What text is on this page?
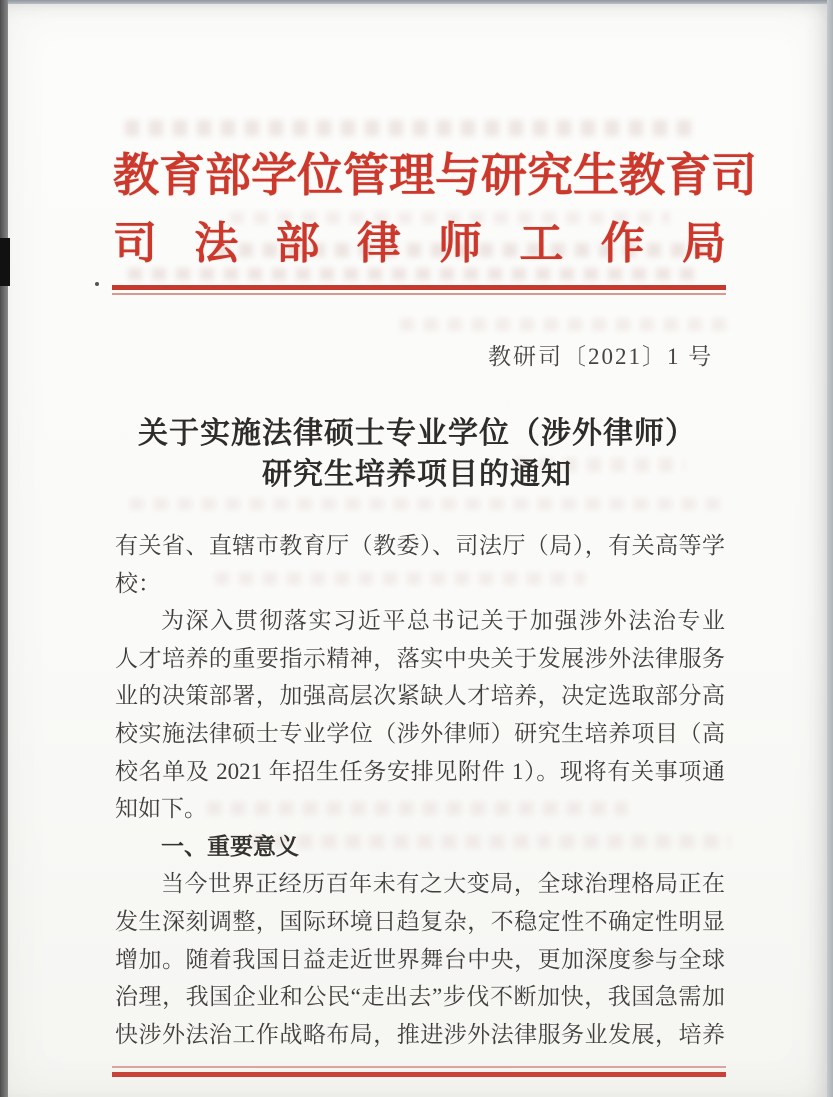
教 育 部 学 位 管 理 与 研 究 生 教 育 司
司 法 部 律 师 工 作 局
教研司〔2021〕1 号
关于实施法律硕士专业学位（涉外律师）
研究生培养项目的通知
有关省、直辖市教育厅（教委）、司法厅（局），有关高等学
校：
为深入贯彻落实习近平总书记关于加强涉外法治专业
人才培养的重要指示精神，落实中央关于发展涉外法律服务
业的决策部署，加强高层次紧缺人才培养，决定选取部分高
校实施法律硕士专业学位（涉外律师）研究生培养项目（高
校名单及 2021 年招生任务安排见附件 1）。现将有关事项通
知如下。
一、重要意义
当今世界正经历百年未有之大变局，全球治理格局正在
发生深刻调整，国际环境日趋复杂，不稳定性不确定性明显
增加。随着我国日益走近世界舞台中央，更加深度参与全球
治理，我国企业和公民“走出去”步伐不断加快，我国急需加
快涉外法治工作战略布局，推进涉外法律服务业发展，培养
